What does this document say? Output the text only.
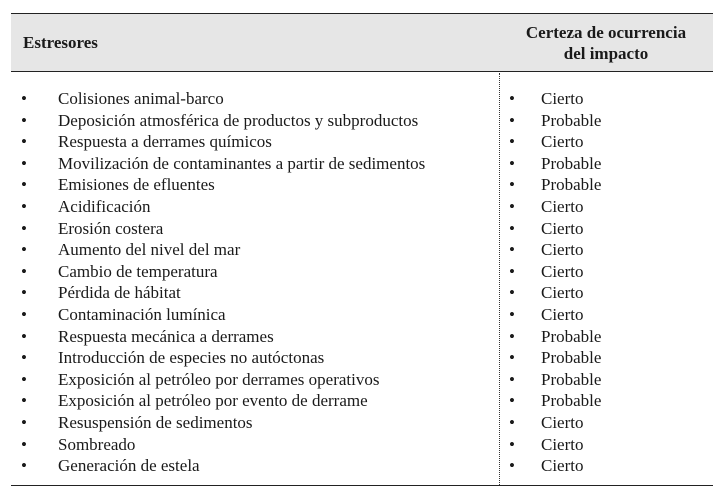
Estresores
Certeza de ocurrencia
del impacto
• Colisiones animal-barco
• Deposición atmosférica de productos y subproductos
• Respuesta a derrames químicos
• Movilización de contaminantes a partir de sedimentos
• Emisiones de efluentes
• Acidificación
• Erosión costera
• Aumento del nivel del mar
• Cambio de temperatura
• Pérdida de hábitat
• Contaminación lumínica
• Respuesta mecánica a derrames
• Introducción de especies no autóctonas
• Exposición al petróleo por derrames operativos
• Exposición al petróleo por evento de derrame
• Resuspensión de sedimentos
• Sombreado
• Generación de estela
• Cierto
• Probable
• Cierto
• Probable
• Probable
• Cierto
• Cierto
• Cierto
• Cierto
• Cierto
• Cierto
• Probable
• Probable
• Probable
• Probable
• Cierto
• Cierto
• Cierto
